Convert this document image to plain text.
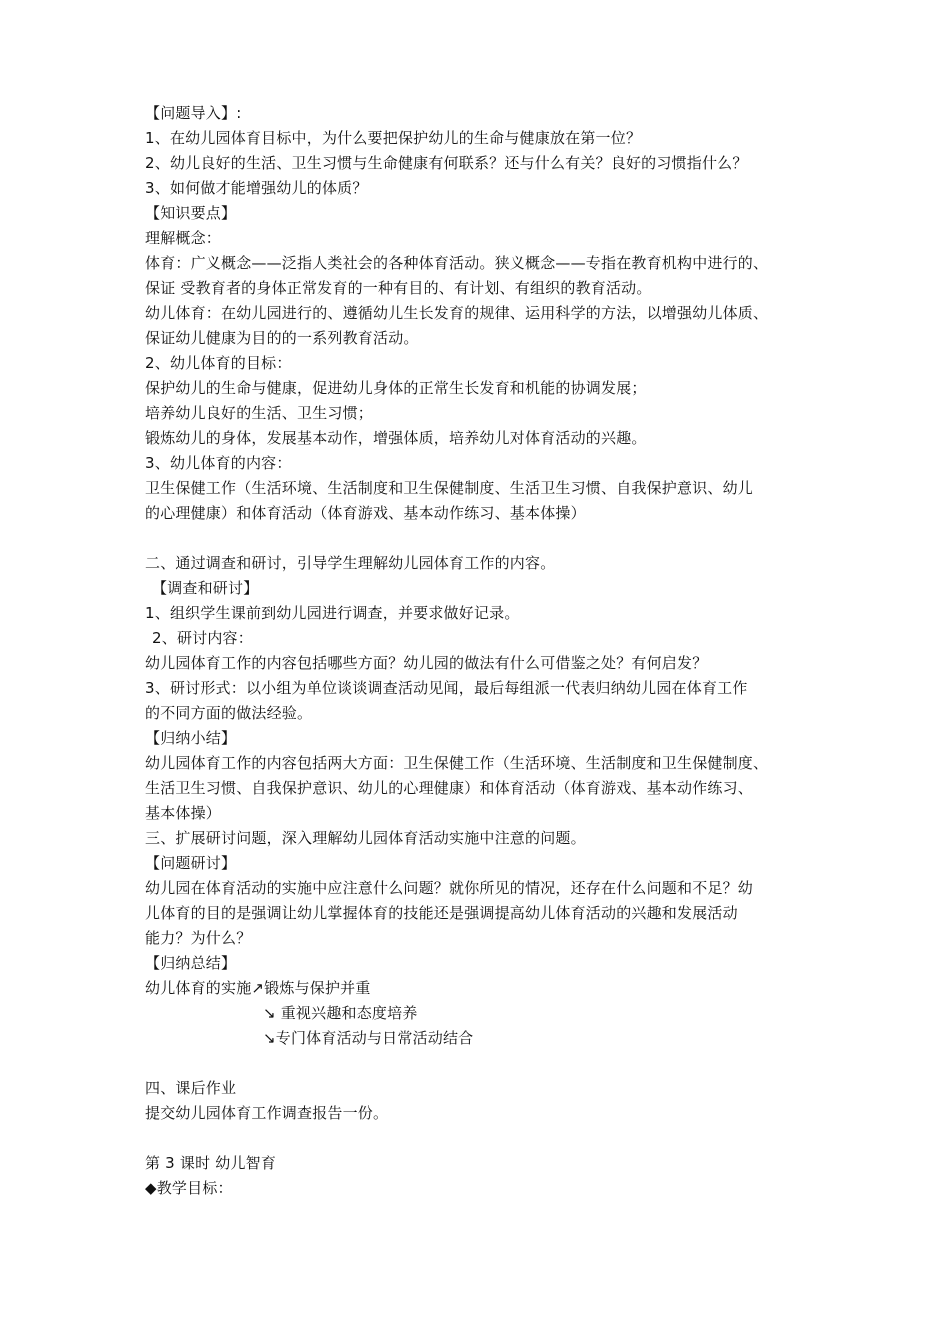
【问题导入】:
1、在幼儿园体育目标中，为什么要把保护幼儿的生命与健康放在第一位？
2、幼儿良好的生活、卫生习惯与生命健康有何联系？还与什么有关？良好的习惯指什么？
3、如何做才能增强幼儿的体质？
【知识要点】
理解概念：
体育：广义概念——泛指人类社会的各种体育活动。狭义概念——专指在教育机构中进行的、
保证 受教育者的身体正常发育的一种有目的、有计划、有组织的教育活动。
幼儿体育：在幼儿园进行的、遵循幼儿生长发育的规律、运用科学的方法，以增强幼儿体质、
保证幼儿健康为目的的一系列教育活动。
2、幼儿体育的目标：
保护幼儿的生命与健康，促进幼儿身体的正常生长发育和机能的协调发展；
培养幼儿良好的生活、卫生习惯；
锻炼幼儿的身体，发展基本动作，增强体质，培养幼儿对体育活动的兴趣。
3、幼儿体育的内容：
卫生保健工作（生活环境、生活制度和卫生保健制度、生活卫生习惯、自我保护意识、幼儿
的心理健康）和体育活动（体育游戏、基本动作练习、基本体操）
二、通过调查和研讨，引导学生理解幼儿园体育工作的内容。
【调查和研讨】
1、组织学生课前到幼儿园进行调查，并要求做好记录。
2、研讨内容：
幼儿园体育工作的内容包括哪些方面？幼儿园的做法有什么可借鉴之处？有何启发？
3、研讨形式：以小组为单位谈谈调查活动见闻，最后每组派一代表归纳幼儿园在体育工作
的不同方面的做法经验。
【归纳小结】
幼儿园体育工作的内容包括两大方面：卫生保健工作（生活环境、生活制度和卫生保健制度、
生活卫生习惯、自我保护意识、幼儿的心理健康）和体育活动（体育游戏、基本动作练习、
基本体操）
三、扩展研讨问题，深入理解幼儿园体育活动实施中注意的问题。
【问题研讨】
幼儿园在体育活动的实施中应注意什么问题？就你所见的情况，还存在什么问题和不足？幼
儿体育的目的是强调让幼儿掌握体育的技能还是强调提高幼儿体育活动的兴趣和发展活动
能力？为什么？
【归纳总结】
幼儿体育的实施↗锻炼与保护并重
↘ 重视兴趣和态度培养
↘专门体育活动与日常活动结合
四、课后作业
提交幼儿园体育工作调查报告一份。
第 3 课时 幼儿智育
◆教学目标：
